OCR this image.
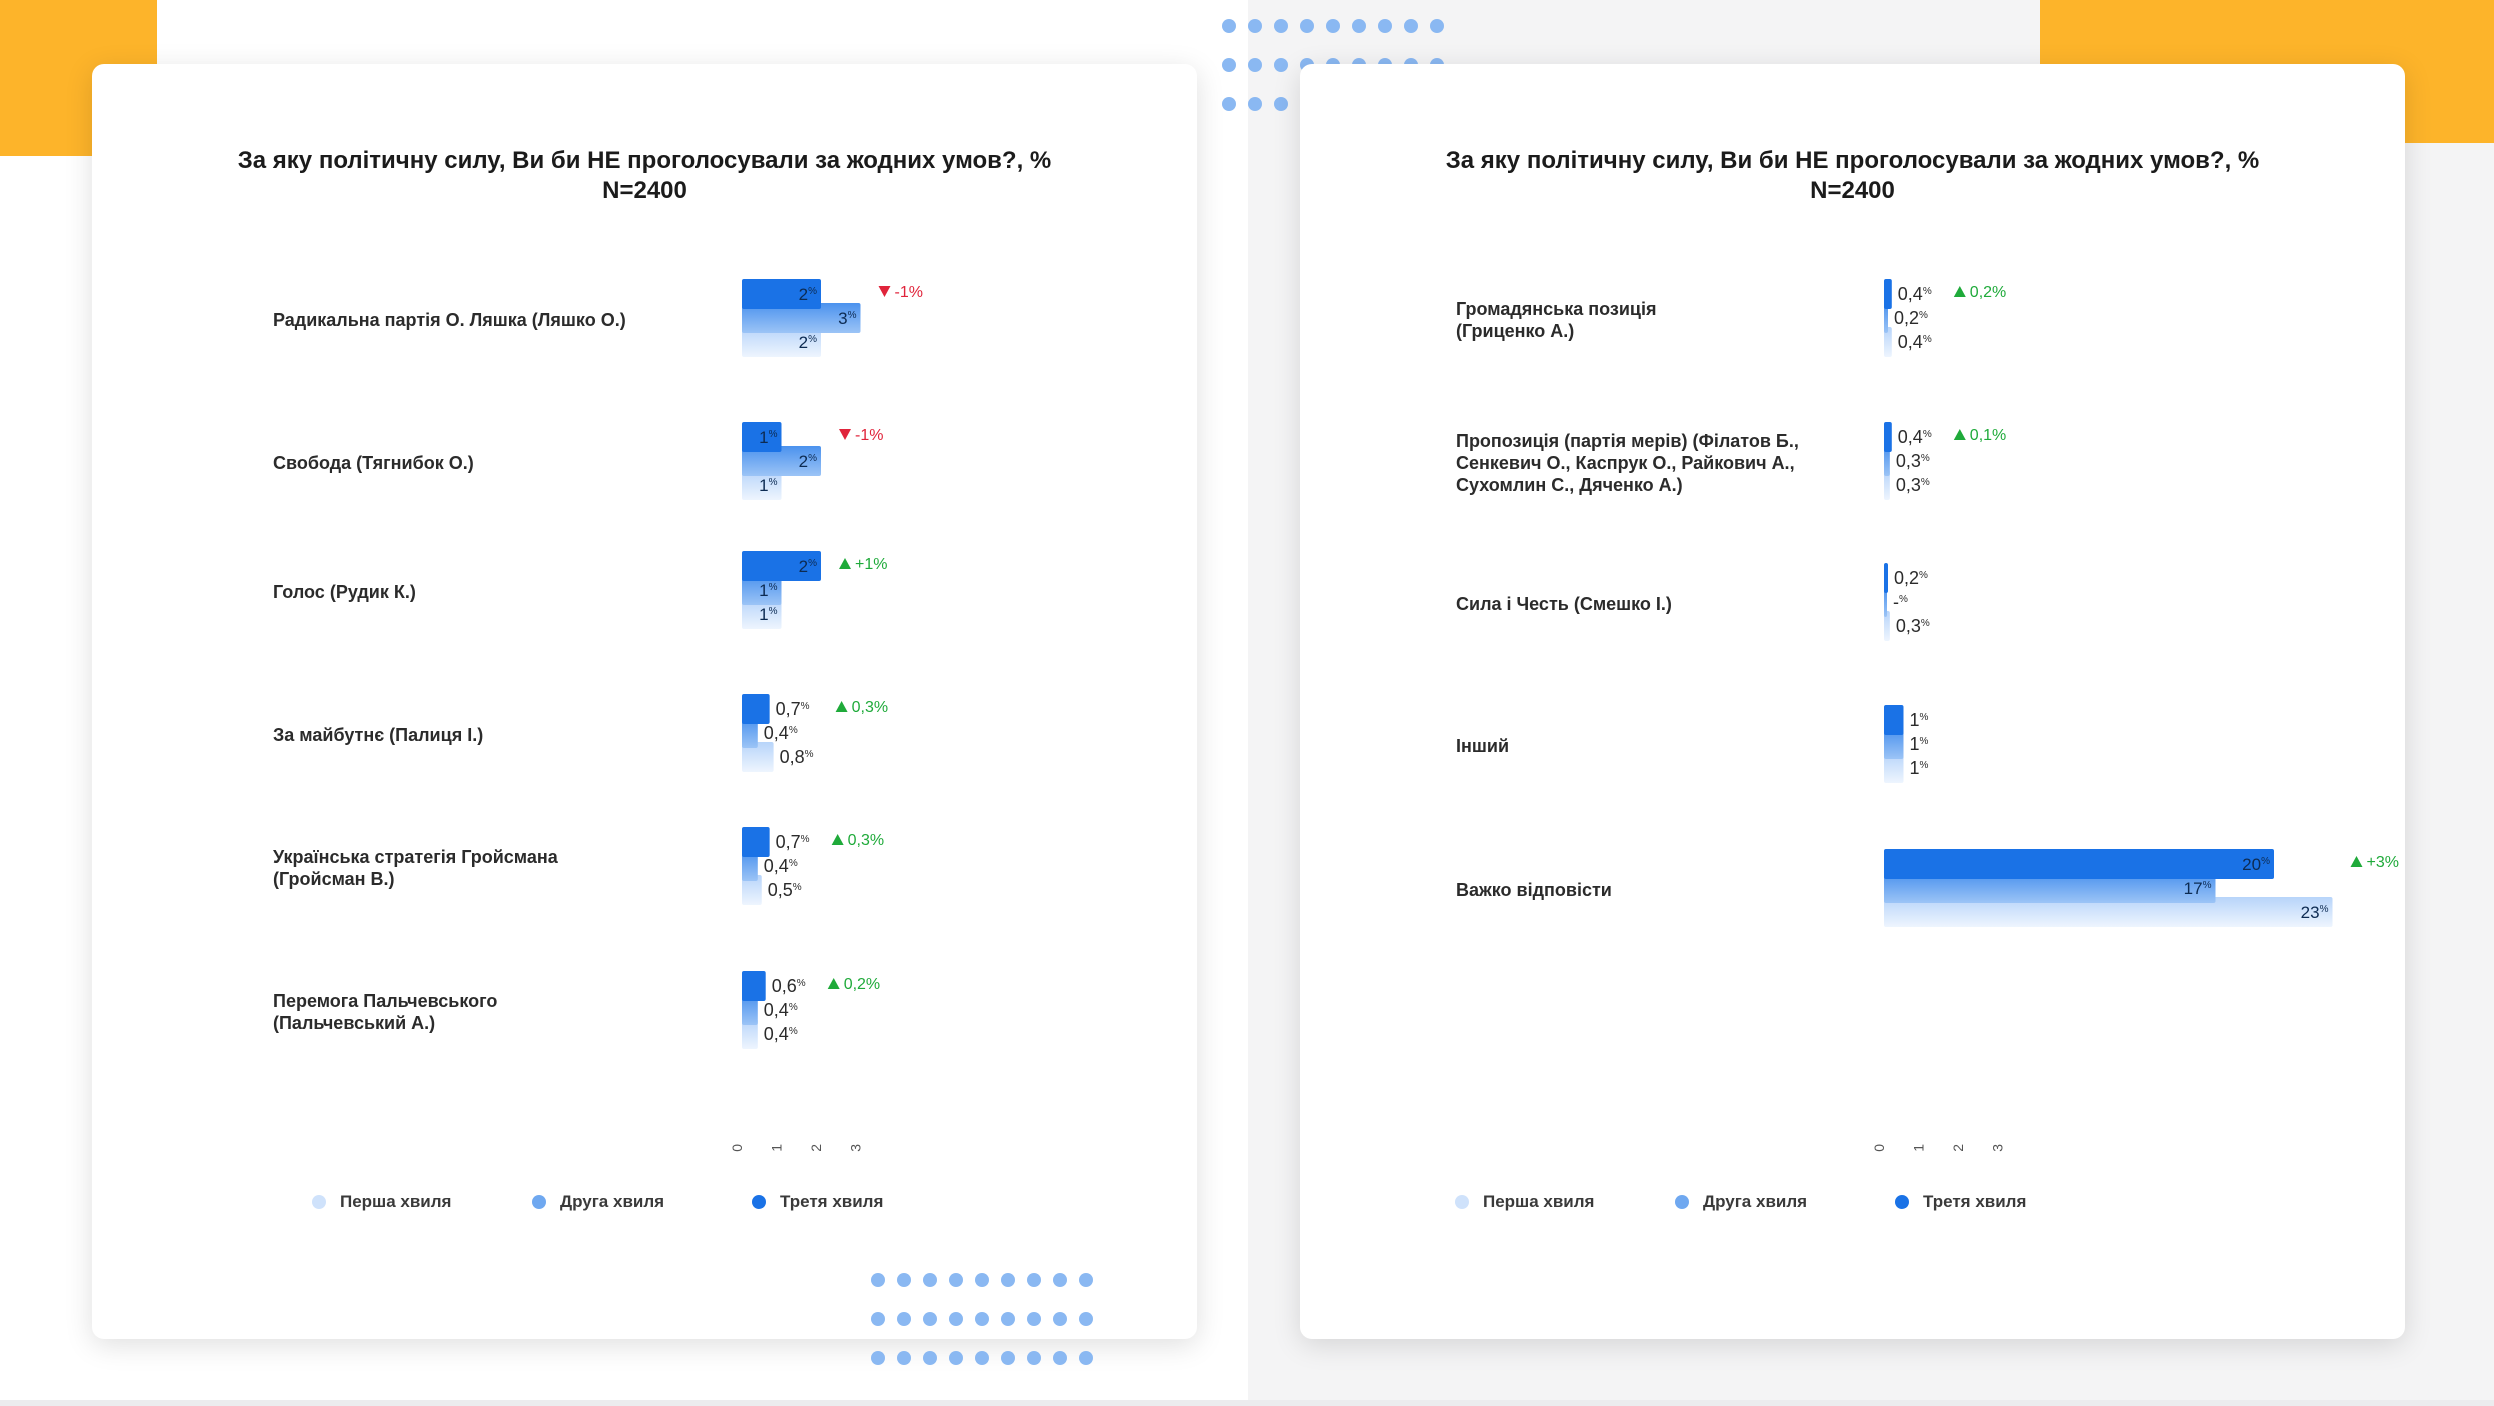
За яку політичну силу, Ви би НЕ проголосували за жодних умов?, %
N=2400
Радикальна партія О. Ляшка (Ляшко О.)
2%
3%
2%
-1%
Свобода (Тягнибок О.)
1%
2%
1%
-1%
Голос (Рудик К.)
2%
1%
1%
+1%
За майбутнє (Палиця І.)
0,7%
0,4%
0,8%
0,3%
Українська стратегія Гройсмана (Гройсман В.)
0,7%
0,4%
0,5%
0,3%
Перемога Пальчевського (Пальчевський А.)
0,6%
0,4%
0,4%
0,2%
0 1 2 3
Перша хвиля	Друга хвиля	Третя хвиля
За яку політичну силу, Ви би НЕ проголосували за жодних умов?, %
N=2400
Громадянська позиція (Гриценко А.)
0,4%
0,2%
0,4%
0,2%
Пропозиція (партія мерів) (Філатов Б., Сенкевич О., Каспрук О., Райкович А., Сухомлин С., Дяченко А.)
0,4%
0,3%
0,3%
0,1%
Сила і Честь (Смешко І.)
0,2%
-%
0,3%
Інший
1%
1%
1%
Важко відповісти
20%
17%
23%
+3%
0 1 2 3
Перша хвиля	Друга хвиля	Третя хвиля
